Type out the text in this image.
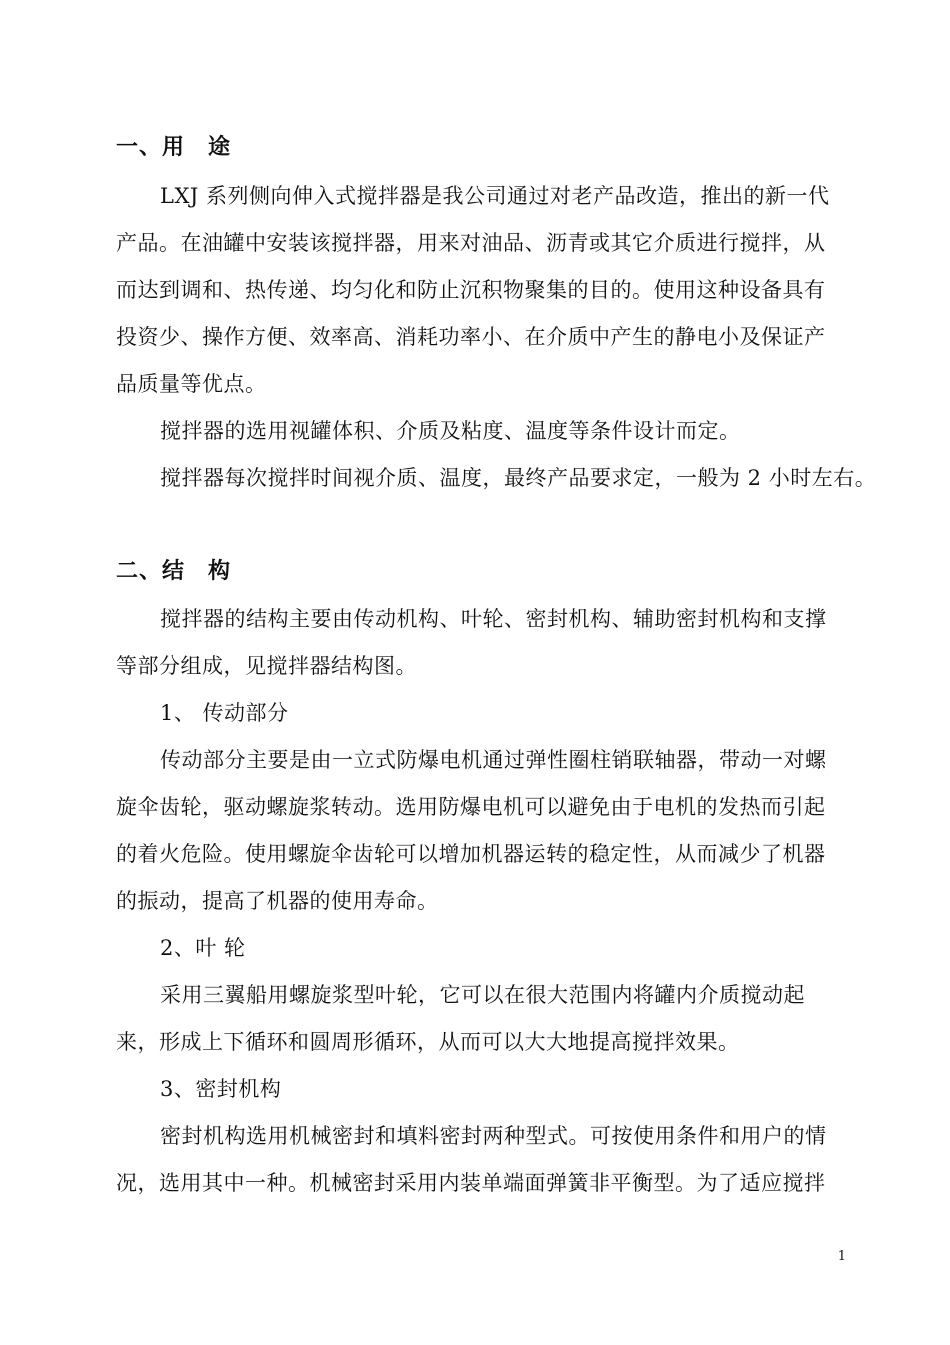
一、用　途
LXJ 系列侧向伸入式搅拌器是我公司通过对老产品改造，推出的新一代
产品。在油罐中安装该搅拌器，用来对油品、沥青或其它介质进行搅拌，从
而达到调和、热传递、均匀化和防止沉积物聚集的目的。使用这种设备具有
投资少、操作方便、效率高、消耗功率小、在介质中产生的静电小及保证产
品质量等优点。
搅拌器的选用视罐体积、介质及粘度、温度等条件设计而定。
搅拌器每次搅拌时间视介质、温度，最终产品要求定，一般为 2 小时左右。
二、结　构
搅拌器的结构主要由传动机构、叶轮、密封机构、辅助密封机构和支撑
等部分组成，见搅拌器结构图。
1、 传动部分
传动部分主要是由一立式防爆电机通过弹性圈柱销联轴器，带动一对螺
旋伞齿轮，驱动螺旋浆转动。选用防爆电机可以避免由于电机的发热而引起
的着火危险。使用螺旋伞齿轮可以增加机器运转的稳定性，从而减少了机器
的振动，提高了机器的使用寿命。
2、叶 轮
采用三翼船用螺旋浆型叶轮，它可以在很大范围内将罐内介质搅动起
来，形成上下循环和圆周形循环，从而可以大大地提高搅拌效果。
3、密封机构
密封机构选用机械密封和填料密封两种型式。可按使用条件和用户的情
况，选用其中一种。机械密封采用内装单端面弹簧非平衡型。为了适应搅拌
1
